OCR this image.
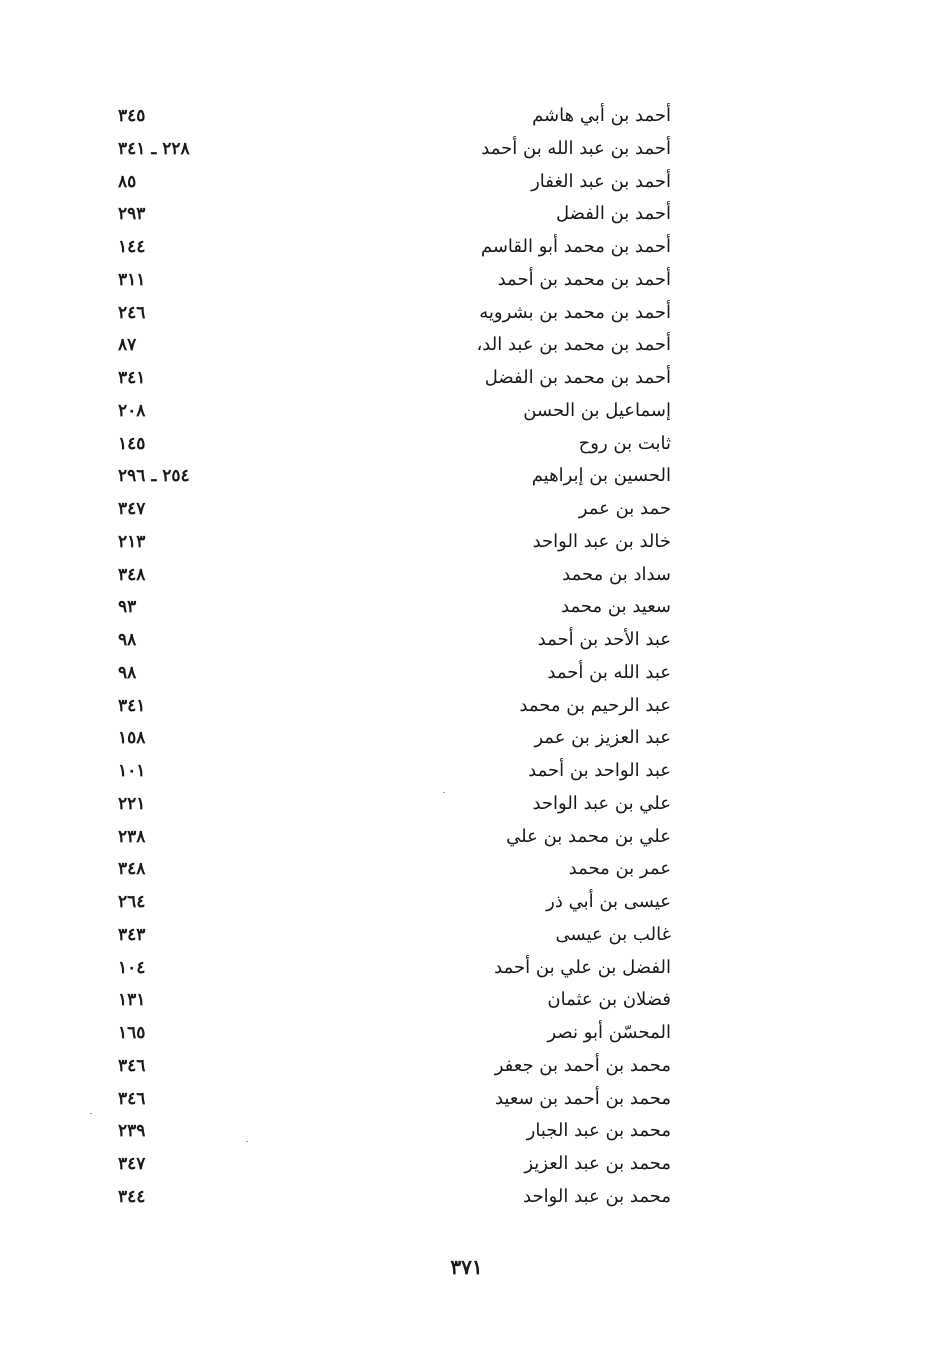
أحمد بن أبي هاشم
٣٤٥
أحمد بن عبد الله بن أحمد
٢٢٨ ـ ٣٤١
أحمد بن عبد الغفار
٨٥
أحمد بن الفضل
٢٩٣
أحمد بن محمد أبو القاسم
١٤٤
أحمد بن محمد بن أحمد
٣١١
أحمد بن محمد بن بشرويه
٢٤٦
أحمد بن محمد بن عبد الد،
٨٧
أحمد بن محمد بن الفضل
٣٤١
إسماعيل بن الحسن
٢٠٨
ثابت بن روح
١٤٥
الحسين بن إبراهيم
٢٥٤ ـ ٢٩٦
حمد بن عمر
٣٤٧
خالد بن عبد الواحد
٢١٣
سداد بن محمد
٣٤٨
سعيد بن محمد
٩٣
عبد الأحد بن أحمد
٩٨
عبد الله بن أحمد
٩٨
عبد الرحيم بن محمد
٣٤١
عبد العزيز بن عمر
١٥٨
عبد الواحد بن أحمد
١٠١
علي بن عبد الواحد
٢٢١
علي بن محمد بن علي
٢٣٨
عمر بن محمد
٣٤٨
عيسى بن أبي ذر
٢٦٤
غالب بن عيسى
٣٤٣
الفضل بن علي بن أحمد
١٠٤
فضلان بن عثمان
١٣١
المحسّن أبو نصر
١٦٥
محمد بن أحمد بن جعفر
٣٤٦
محمد بن أحمد بن سعيد
٣٤٦
محمد بن عبد الجبار
٢٣٩
محمد بن عبد العزيز
٣٤٧
محمد بن عبد الواحد
٣٤٤
٣٧١
